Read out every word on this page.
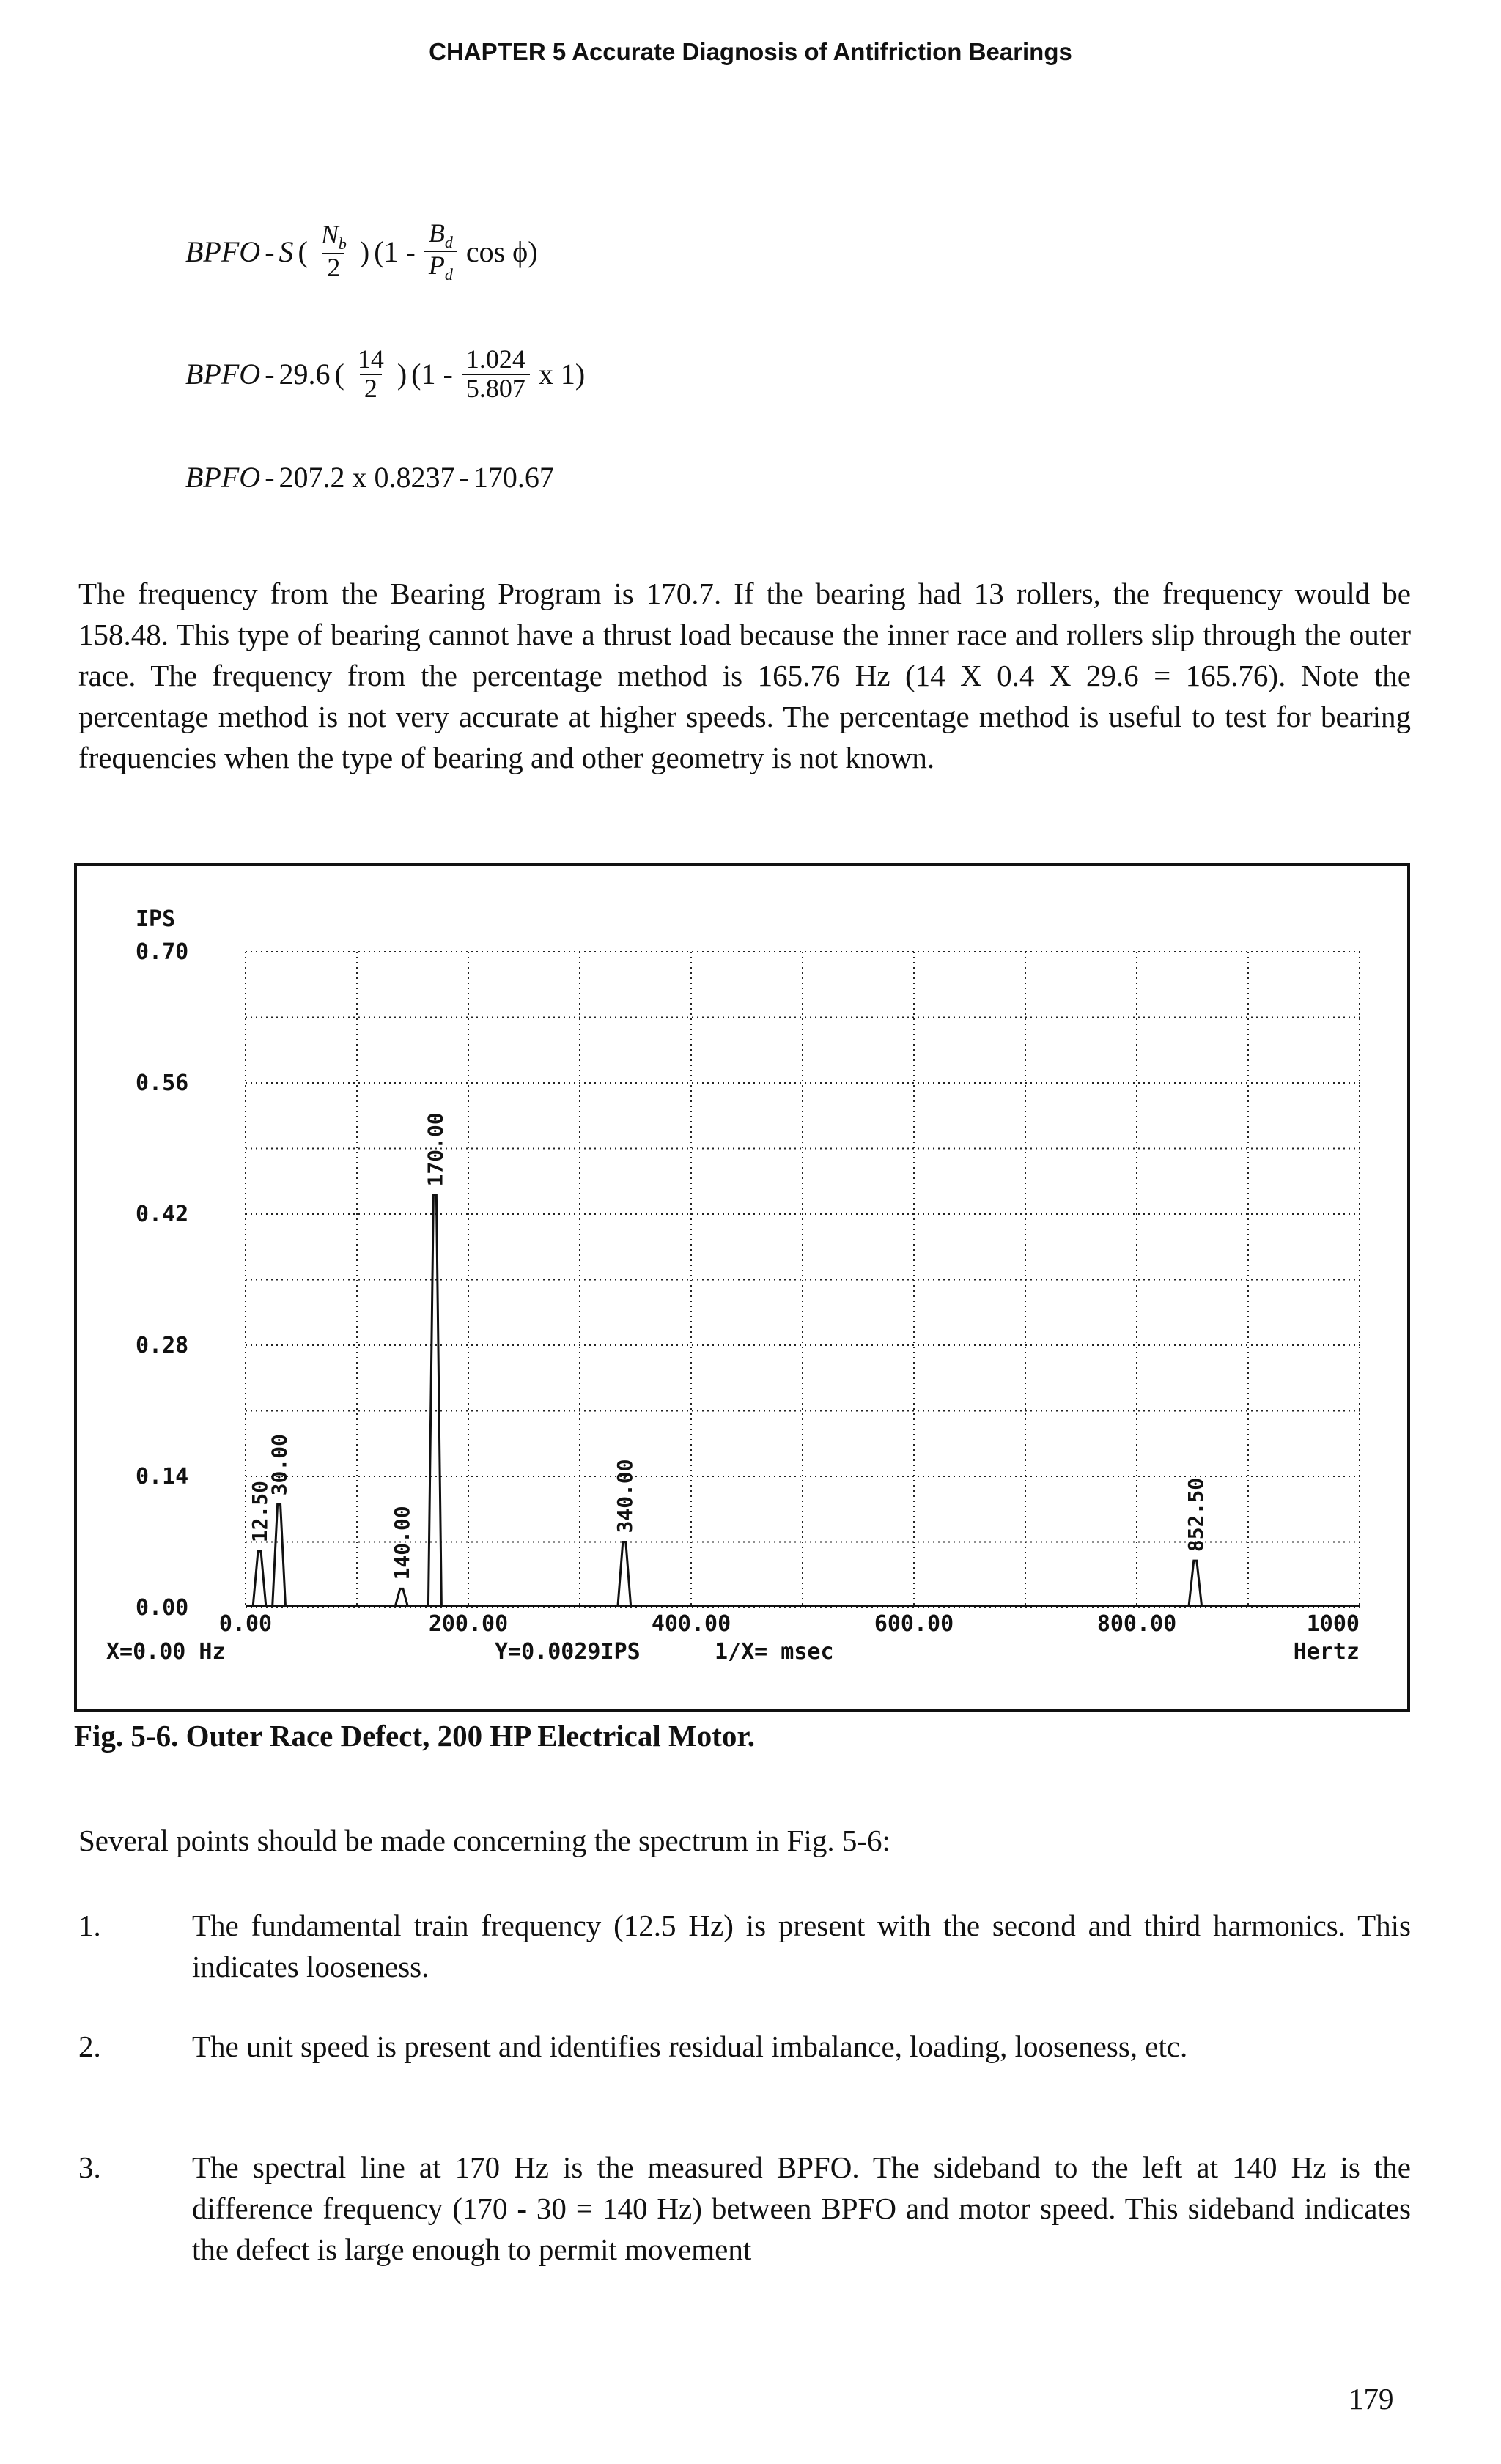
CHAPTER 5 Accurate Diagnosis of Antifriction Bearings
BPFO - S ( $\frac{N_b}{2}$ ) ($1 - \frac{B_d}{P_d}$ cos ϕ)
BPFO - 29.6 ( $\frac{14}{2}$ ) ($1 - \frac{1.024}{5.807}$ x 1)
BPFO - 207.2 x 0.8237 - 170.67

The frequency from the Bearing Program is 170.7. If the bearing had 13 rollers, the frequency would be 158.48. This type of bearing cannot have a thrust load because the inner race and rollers slip through the outer race. The frequency from the percentage method is 165.76 Hz (14 X 0.4 X 29.6 = 165.76). Note the percentage method is not very accurate at higher speeds. The percentage method is useful to test for bearing frequencies when the type of bearing and other geometry is not known.

IPS
0.70
0.56
0.42
0.28
0.14
0.00
0.00	200.00	400.00	600.00	800.00	1000
Hertz
12.50
30.00
140.00
170.00
340.00	852.50
X=0.00 Hz	Y=0.0029IPS	1/X= msec
Fig. 5-6. Outer Race Defect, 200 HP Electrical Motor.

Several points should be made concerning the spectrum in Fig. 5-6:

1.	The fundamental train frequency (12.5 Hz) is present with the second and third harmonics. This indicates looseness.
2.	The unit speed is present and identifies residual imbalance, loading, looseness, etc.
3.	The spectral line at 170 Hz is the measured BPFO. The sideband to the left at 140 Hz is the difference frequency (170 - 30 = 140 Hz) between BPFO and motor speed. This sideband indicates the defect is large enough to permit movement
179
